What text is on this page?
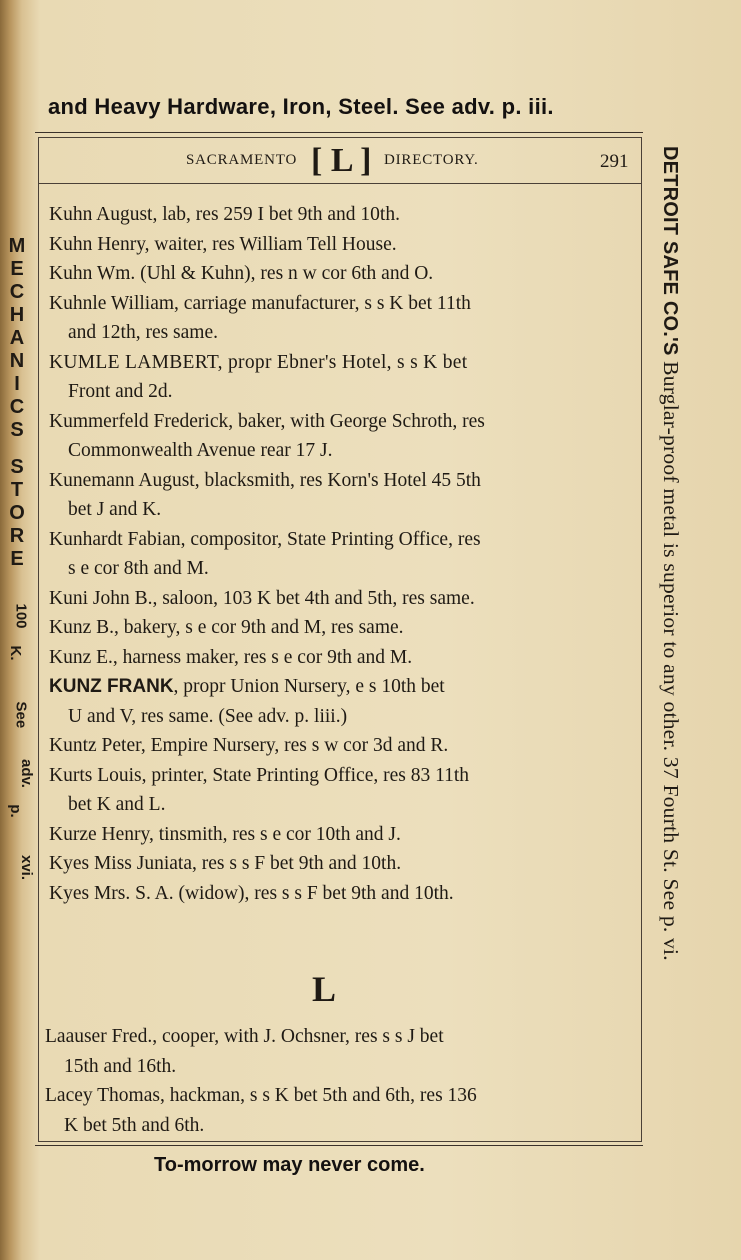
and Heavy Hardware, Iron, Steel. See adv. p. iii.
SACRAMENTO [ L ] DIRECTORY.	291
Kuhn August, lab, res 259 I bet 9th and 10th.
Kuhn Henry, waiter, res William Tell House.
Kuhn Wm. (Uhl & Kuhn), res n w cor 6th and O.
Kuhnle William, carriage manufacturer, s s K bet 11th
and 12th, res same.
KUMLE LAMBERT, propr Ebner's Hotel, s s K bet
Front and 2d.
Kummerfeld Frederick, baker, with George Schroth, res
Commonwealth Avenue rear 17 J.
Kunemann August, blacksmith, res Korn's Hotel 45 5th
bet J and K.
Kunhardt Fabian, compositor, State Printing Office, res
s e cor 8th and M.
Kuni John B., saloon, 103 K bet 4th and 5th, res same.
Kunz B., bakery, s e cor 9th and M, res same.
Kunz E., harness maker, res s e cor 9th and M.
KUNZ FRANK, propr Union Nursery, e s 10th bet
U and V, res same. (See adv. p. liii.)
Kuntz Peter, Empire Nursery, res s w cor 3d and R.
Kurts Louis, printer, State Printing Office, res 83 11th
bet K and L.
Kurze Henry, tinsmith, res s e cor 10th and J.
Kyes Miss Juniata, res s s F bet 9th and 10th.
Kyes Mrs. S. A. (widow), res s s F bet 9th and 10th.
L
Laauser Fred., cooper, with J. Ochsner, res s s J bet
15th and 16th.
Lacey Thomas, hackman, s s K bet 5th and 6th, res 136
K bet 5th and 6th.
To-morrow may never come.
M
E
C
H
A
N
I
C
S
S
T
O
R
E
100
K.
See
adv.
p.
xvi.
DETROIT SAFE CO.'S Burglar-proof metal is superior to any other. 37 Fourth St. See p. vi.
